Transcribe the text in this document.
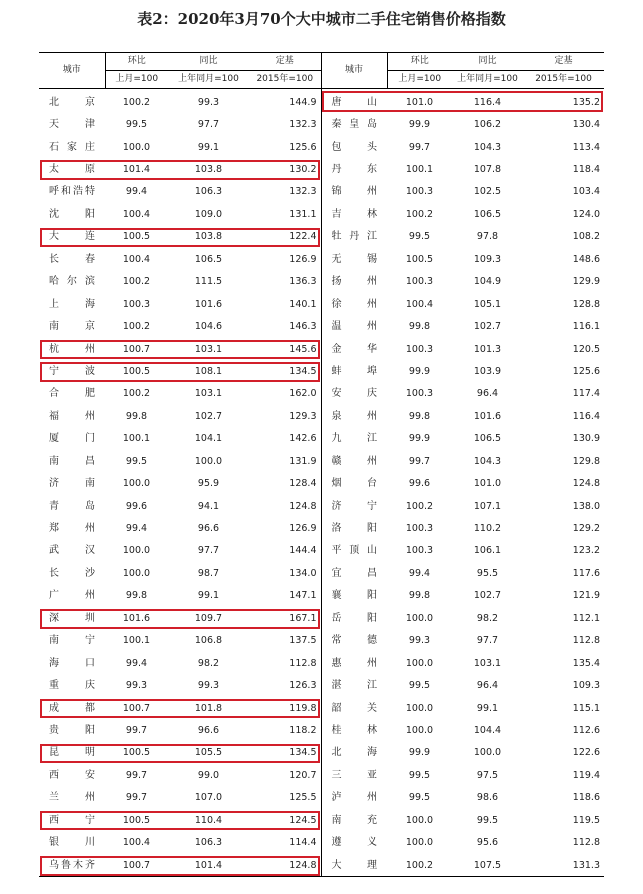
表2：2020年3月70个大中城市二手住宅销售价格指数
城市	环比	同比	定基	城市	环比	同比	定基
	上月=100	上年同月=100	2015年=100		上月=100	上年同月=100	2015年=100
北京	100.2	99.3	144.9	唐山	101.0	116.4	135.2
天津	99.5	97.7	132.3	秦皇岛	99.9	106.2	130.4
石家庄	100.0	99.1	125.6	包头	99.7	104.3	113.4
太原	101.4	103.8	130.2	丹东	100.1	107.8	118.4
呼和浩特	99.4	106.3	132.3	锦州	100.3	102.5	103.4
沈阳	100.4	109.0	131.1	吉林	100.2	106.5	124.0
大连	100.5	103.8	122.4	牡丹江	99.5	97.8	108.2
长春	100.4	106.5	126.9	无锡	100.5	109.3	148.6
哈尔滨	100.2	111.5	136.3	扬州	100.3	104.9	129.9
上海	100.3	101.6	140.1	徐州	100.4	105.1	128.8
南京	100.2	104.6	146.3	温州	99.8	102.7	116.1
杭州	100.7	103.1	145.6	金华	100.3	101.3	120.5
宁波	100.5	108.1	134.5	蚌埠	99.9	103.9	125.6
合肥	100.2	103.1	162.0	安庆	100.3	96.4	117.4
福州	99.8	102.7	129.3	泉州	99.8	101.6	116.4
厦门	100.1	104.1	142.6	九江	99.9	106.5	130.9
南昌	99.5	100.0	131.9	赣州	99.7	104.3	129.8
济南	100.0	95.9	128.4	烟台	99.6	101.0	124.8
青岛	99.6	94.1	124.8	济宁	100.2	107.1	138.0
郑州	99.4	96.6	126.9	洛阳	100.3	110.2	129.2
武汉	100.0	97.7	144.4	平顶山	100.3	106.1	123.2
长沙	100.0	98.7	134.0	宜昌	99.4	95.5	117.6
广州	99.8	99.1	147.1	襄阳	99.8	102.7	121.9
深圳	101.6	109.7	167.1	岳阳	100.0	98.2	112.1
南宁	100.1	106.8	137.5	常德	99.3	97.7	112.8
海口	99.4	98.2	112.8	惠州	100.0	103.1	135.4
重庆	99.3	99.3	126.3	湛江	99.5	96.4	109.3
成都	100.7	101.8	119.8	韶关	100.0	99.1	115.1
贵阳	99.7	96.6	118.2	桂林	100.0	104.4	112.6
昆明	100.5	105.5	134.5	北海	99.9	100.0	122.6
西安	99.7	99.0	120.7	三亚	99.5	97.5	119.4
兰州	99.7	107.0	125.5	泸州	99.5	98.6	118.6
西宁	100.5	110.4	124.5	南充	100.0	99.5	119.5
银川	100.4	106.3	114.4	遵义	100.0	95.6	112.8
乌鲁木齐	100.7	101.4	124.8	大理	100.2	107.5	131.3
